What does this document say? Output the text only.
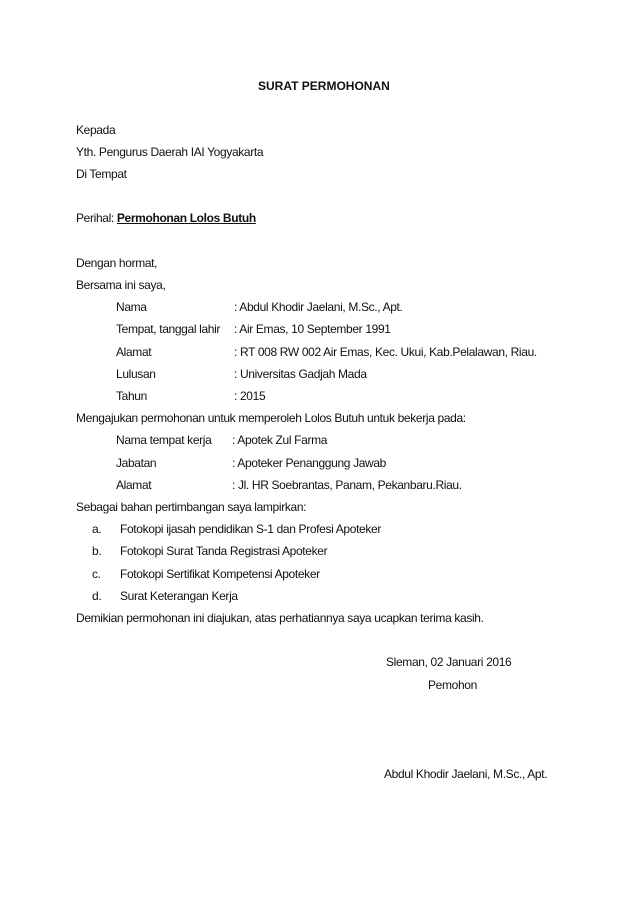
SURAT PERMOHONAN
Kepada
Yth. Pengurus Daerah IAI Yogyakarta
Di Tempat
Perihal: Permohonan Lolos Butuh
Dengan hormat,
Bersama ini saya,
Nama	: Abdul Khodir Jaelani, M.Sc., Apt.
Tempat, tanggal lahir : Air Emas, 10 September 1991
Alamat	: RT 008 RW 002 Air Emas, Kec. Ukui, Kab.Pelalawan, Riau.
Lulusan	: Universitas Gadjah Mada
Tahun	: 2015
Mengajukan permohonan untuk memperoleh Lolos Butuh untuk bekerja pada:
Nama tempat kerja : Apotek Zul Farma
Jabatan	: Apoteker Penanggung Jawab
Alamat	: Jl. HR Soebrantas, Panam, Pekanbaru.Riau.
Sebagai bahan pertimbangan saya lampirkan:
a. Fotokopi ijasah pendidikan S-1 dan Profesi Apoteker
b. Fotokopi Surat Tanda Registrasi Apoteker
c. Fotokopi Sertifikat Kompetensi Apoteker
d. Surat Keterangan Kerja
Demikian permohonan ini diajukan, atas perhatiannya saya ucapkan terima kasih.
Sleman, 02 Januari 2016
Pemohon
Abdul Khodir Jaelani, M.Sc., Apt.
